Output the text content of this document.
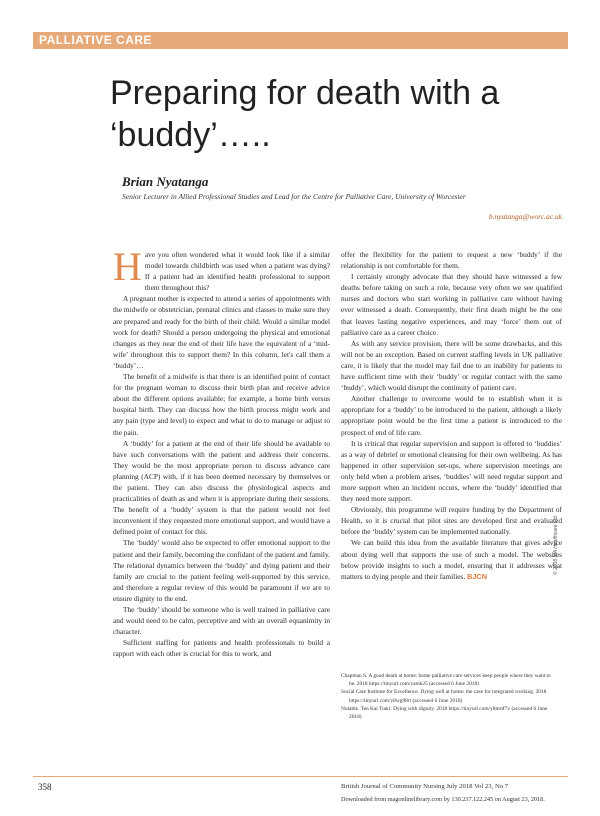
PALLIATIVE CARE
Preparing for death with a ‘buddy’…..
Brian Nyatanga
Senior Lecturer in Allied Professional Studies and Lead for the Centre for Palliative Care, University of Worcester
b.nyatanga@worc.ac.uk

Have you often wondered what it would look like if a similar model towards childbirth was used when a patient was dying? If a patient had an identified health professional to support them throughout this?

A pregnant mother is expected to attend a series of appointments with the midwife or obstetrician, prenatal clinics and classes to make sure they are prepared and ready for the birth of their child. Would a similar model work for death? Should a person undergoing the physical and emotional changes as they near the end of their life have the equivalent of a ‘mid-wife’ throughout this to support them? In this column, let's call them a ‘buddy’…

The benefit of a midwife is that there is an identified point of contact for the pregnant woman to discuss their birth plan and receive advice about the different options available; for example, a home birth versus hospital birth. They can discuss how the birth process might work and any pain (type and level) to expect and what to do to manage or adjust to the pain.

A ‘buddy’ for a patient at the end of their life should be available to have such conversations with the patient and address their concerns. They would be the most appropriate person to discuss advance care planning (ACP) with, if it has been deemed necessary by themselves or the patient. They can also discuss the physiological aspects and practicalities of death as and when it is appropriate during their sessions. The benefit of a ‘buddy’ system is that the patient would not feel inconvenient if they requested more emotional support, and would have a defined point of contact for this.

The ‘buddy’ would also be expected to offer emotional support to the patient and their family, becoming the confidant of the patient and family. The relational dynamics between the ‘buddy’ and dying patient and their family are crucial to the patient feeling well-supported by this service, and therefore a regular review of this would be paramount if we are to ensure dignity to the end.

The ‘buddy’ should be someone who is well trained in palliative care and would need to be calm, perceptive and with an overall equanimity in character.

Sufficient staffing for patients and health professionals to build a rapport with each other is crucial for this to work, and

offer the flexibility for the patient to request a new ‘buddy’ if the relationship is not comfortable for them.

I certainly strongly advocate that they should have witnessed a few deaths before taking on such a role, because very often we see qualified nurses and doctors who start working in palliative care without having ever witnessed a death. Consequently, their first death might be the one that leaves lasting negative experiences, and may ‘force’ them out of palliative care as a career choice.

As with any service provision, there will be some drawbacks, and this will not be an exception. Based on current staffing levels in UK palliative care, it is likely that the model may fail due to an inability for patients to have sufficient time with their ‘buddy’ or regular contact with the same ‘buddy’, which would disrupt the continuity of patient care.

Another challenge to overcome would be to establish when it is appropriate for a ‘buddy’ to be introduced to the patient, although a likely appropriate point would be the first time a patient is introduced to the prospect of end of life care.

It is critical that regular supervision and support is offered to ‘buddies’ as a way of debrief or emotional cleansing for their own wellbeing. As has happened in other supervision set-ups, where supervision meetings are only held when a problem arises, ‘buddies’ will need regular support and more support when an incident occurs, where the ‘buddy’ identified that they need more support.

Obviously, this programme will require funding by the Department of Health, so it is crucial that pilot sites are developed first and evaluated before the ‘buddy’ system can be implemented nationally.

We can build this idea from the available literature that gives advice about dying well that supports the use of such a model. The websites below provide insights to such a model, ensuring that it addresses what matters to dying people and their families. BJCN

Chapman S. A good death at home: home palliative care services keep people where they want to be. 2018 https://tinyurl.com/yamk25 (accessed 6 June 2018)

Social Care Institute for Excellence. Dying well at home: the case for integrated working. 2018 https://tinyurl.com/y8wg98rt (accessed 6 June 2018)

Notable. Ten Kai Tiaki: Dying with dignity. 2018 https://tinyurl.com/y8mrtf7v (accessed 6 June 2018)

© 2018 MA Healthcare Ltd
358	British Journal of Community Nursing July 2018 Vol 23, No 7
Downloaded from magonlinelibrary.com by 130.237.122.245 on August 23, 2018.
